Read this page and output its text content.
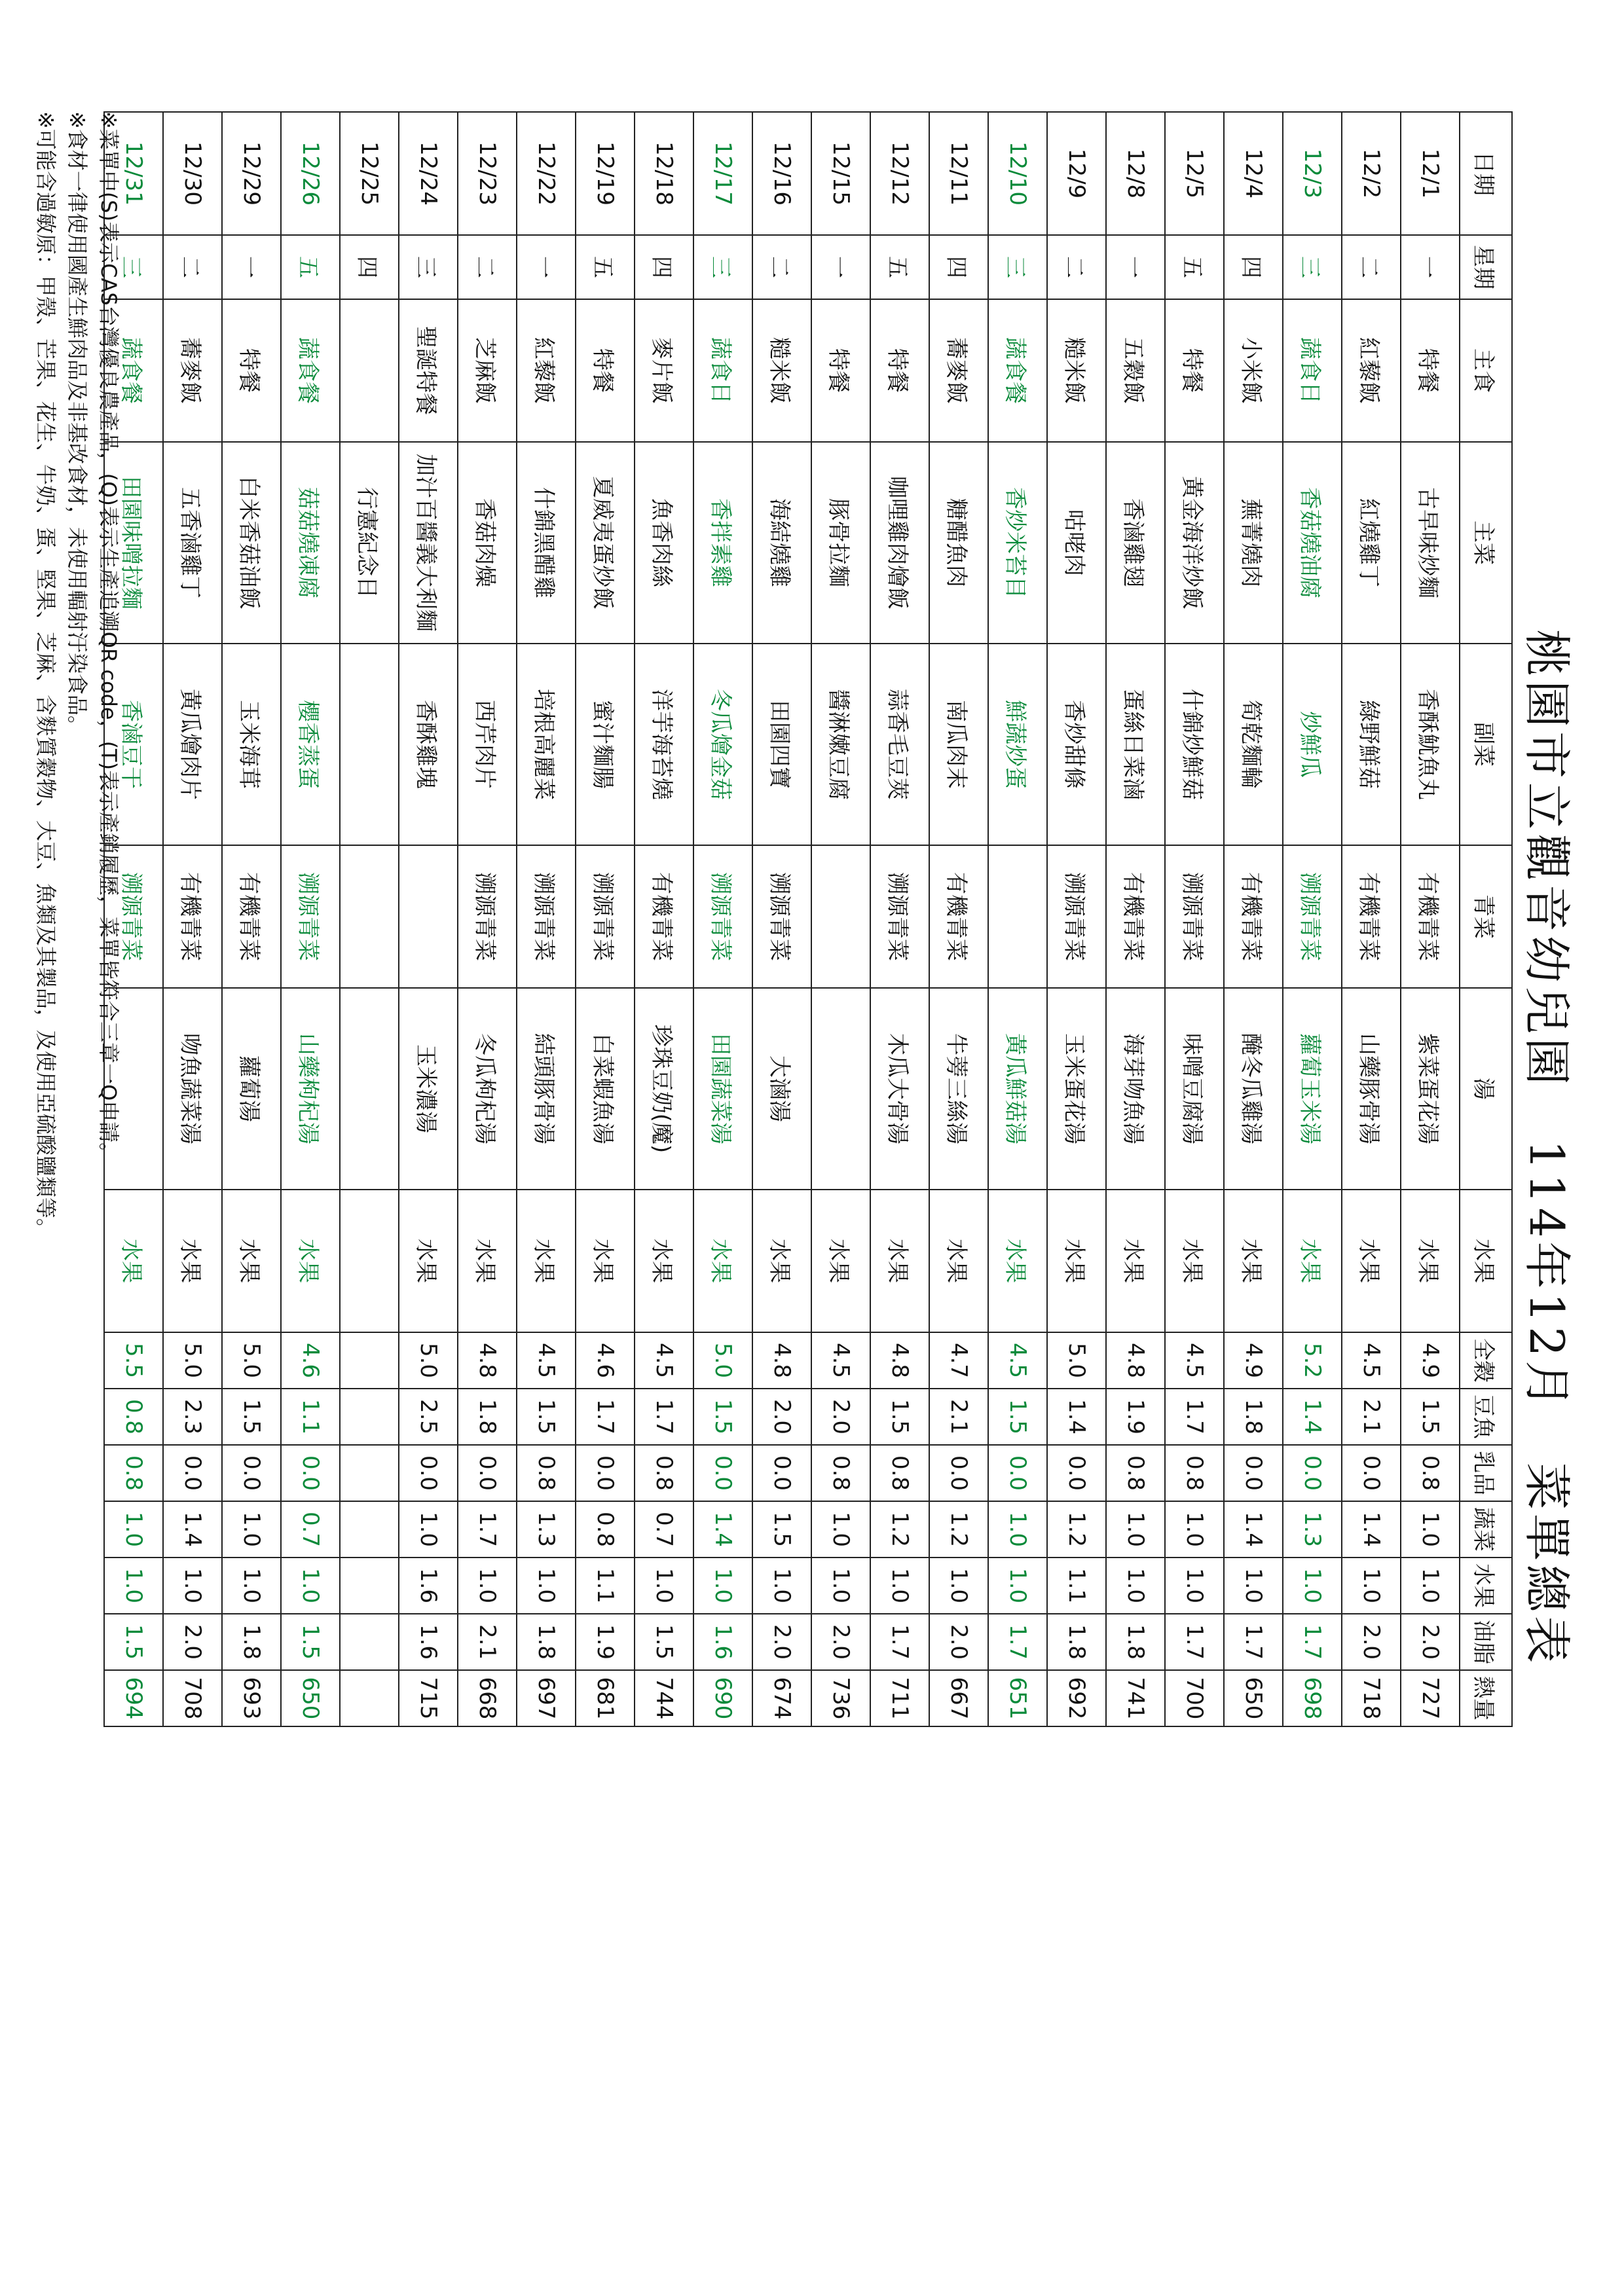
桃園市立觀音幼兒園　114年12月　菜單總表
日期	星期	主食	主菜	副菜	青菜	湯	水果	全穀	豆魚	乳品	蔬菜	水果	油脂	熱量
12/1	一	特餐	古早味炒麵	香酥魷魚丸	有機青菜	紫菜蛋花湯	水果	4.9	1.5	0.8	1.0	1.0	2.0	727
12/2	二	紅藜飯	紅燒雞丁	綠野鮮菇	有機青菜	山藥豚骨湯	水果	4.5	2.1	0.0	1.4	1.0	2.0	718
12/3	三	蔬食日	香菇燒油腐	炒鮮瓜	溯源青菜	蘿蔔玉米湯	水果	5.2	1.4	0.0	1.3	1.0	1.7	698
12/4	四	小米飯	蕪菁燒肉	筍乾麵輪	有機青菜	醃冬瓜雞湯	水果	4.9	1.8	0.0	1.4	1.0	1.7	650
12/5	五	特餐	黃金海洋炒飯	什錦炒鮮菇	溯源青菜	味噌豆腐湯	水果	4.5	1.7	0.8	1.0	1.0	1.7	700
12/8	一	五穀飯	香滷雞翅	蛋絲日菜滷	有機青菜	海芽吻魚湯	水果	4.8	1.9	0.8	1.0	1.0	1.8	741
12/9	二	糙米飯	咕咾肉	香炒甜條	溯源青菜	玉米蛋花湯	水果	5.0	1.4	0.0	1.2	1.1	1.8	692
12/10	三	蔬食餐	香炒米苔目	鮮蔬炒蛋		黃瓜鮮菇湯	水果	4.5	1.5	0.0	1.0	1.0	1.7	651
12/11	四	蕎麥飯	糖醋魚肉	南瓜肉末	有機青菜	牛蒡三絲湯	水果	4.7	2.1	0.0	1.2	1.0	2.0	667
12/12	五	特餐	咖哩雞肉燴飯	蒜香毛豆莢	溯源青菜	木瓜大骨湯	水果	4.8	1.5	0.8	1.2	1.0	1.7	711
12/15	一	特餐	豚骨拉麵	醬淋嫩豆腐			水果	4.5	2.0	0.8	1.0	1.0	2.0	736
12/16	二	糙米飯	海結燒雞	田園四寶	溯源青菜	大滷湯	水果	4.8	2.0	0.0	1.5	1.0	2.0	674
12/17	三	蔬食日	香拌素雞	冬瓜燴金菇	溯源青菜	田園蔬菜湯	水果	5.0	1.5	0.0	1.4	1.0	1.6	690
12/18	四	麥片飯	魚香肉絲	洋芋海苔燒	有機青菜	珍珠豆奶(魔)	水果	4.5	1.7	0.8	0.7	1.0	1.5	744
12/19	五	特餐	夏威夷蛋炒飯	蜜汁麵腸	溯源青菜	白菜蝦魚湯	水果	4.6	1.7	0.0	0.8	1.1	1.9	681
12/22	一	紅藜飯	什錦黑醋雞	培根高麗菜	溯源青菜	結頭豚骨湯	水果	4.5	1.5	0.8	1.3	1.0	1.8	697
12/23	二	芝麻飯	香菇肉燥	西芹肉片	溯源青菜	冬瓜枸杞湯	水果	4.8	1.8	0.0	1.7	1.0	2.1	668
12/24	三	聖誕特餐	加汁百醬義大利麵	香酥雞塊		玉米濃湯	水果	5.0	2.5	0.0	1.0	1.6	1.6	715
12/25	四		行憲紀念日											
12/26	五	蔬食餐	菇菇燒凍腐	櫻香蒸蛋	溯源青菜	山藥枸杞湯	水果	4.6	1.1	0.0	0.7	1.0	1.5	650
12/29	一	特餐	白米香菇油飯	玉米海茸	有機青菜	蘿蔔湯	水果	5.0	1.5	0.0	1.0	1.0	1.8	693
12/30	二	蕎麥飯	五香滷雞丁	黃瓜燴肉片	有機青菜	吻魚蔬菜湯	水果	5.0	2.3	0.0	1.4	1.0	2.0	708
12/31	三	蔬食餐	田園味噌拉麵	香滷豆干	溯源青菜		水果	5.5	0.8	0.8	1.0	1.0	1.5	694
※菜單中(S)表示CAS台灣優良農產品，(Q)表示生產追溯QR code，(T)表示產銷履歷，菜單皆符合三章一Q申請。
※食材一律使用國產生鮮肉品及非基改食材，未使用輻射汙染食品。
※可能含過敏原：甲殼、芒果、花生、牛奶、蛋、堅果、芝麻、含麩質穀物、大豆、魚類及其製品，及使用亞硫酸鹽類等。
